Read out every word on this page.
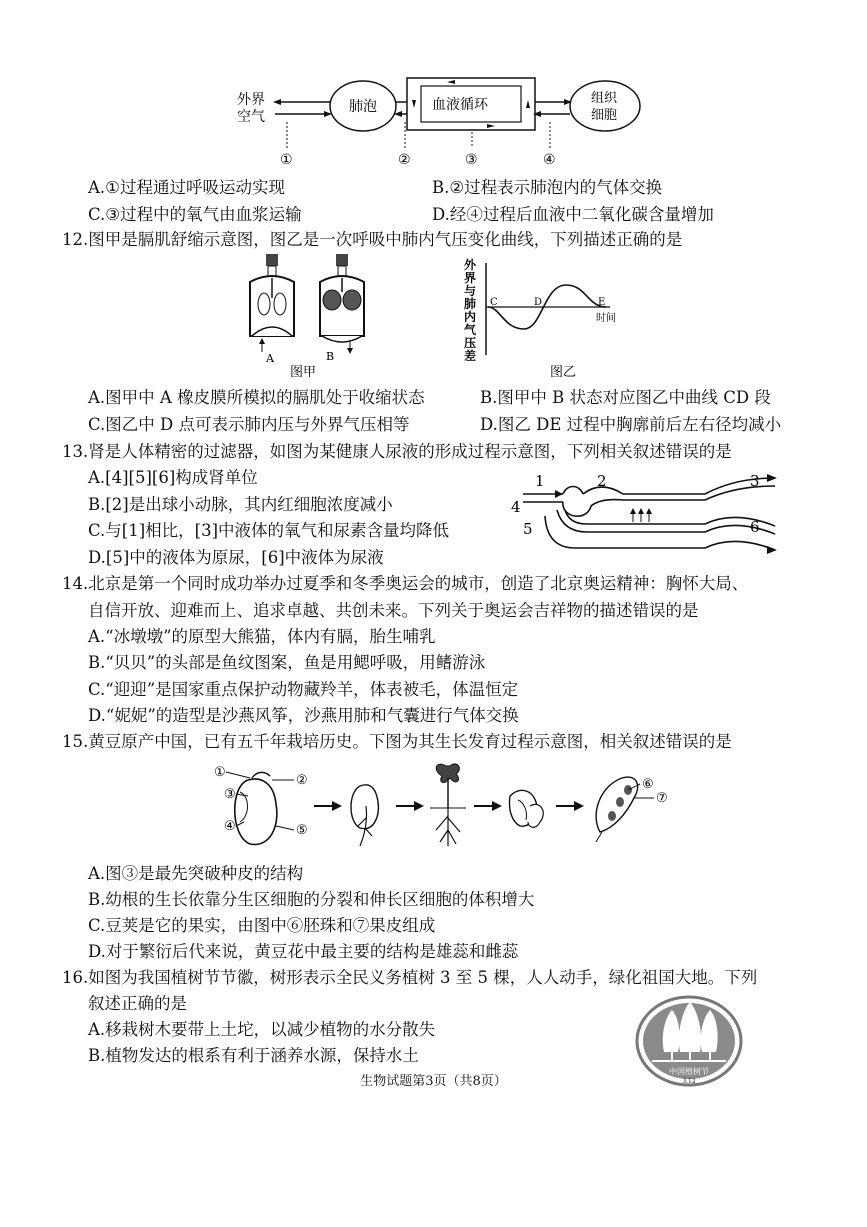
外界
空气
肺泡	血液循环	组织
细胞
①	②	③	④
A.①过程通过呼吸运动实现	B.②过程表示肺泡内的气体交换
C.③过程中的氧气由血浆运输	D.经④过程后血液中二氧化碳含量增加
12.图甲是膈肌舒缩示意图，图乙是一次呼吸中肺内气压变化曲线，下列描述正确的是
A	B
图甲
外
界
与
肺
内
气
压
差
C	D	E
时间
图乙
A.图甲中 A 橡皮膜所模拟的膈肌处于收缩状态	B.图甲中 B 状态对应图乙中曲线 CD 段
C.图乙中 D 点可表示肺内压与外界气压相等	D.图乙 DE 过程中胸廓前后左右径均减小
13.肾是人体精密的过滤器，如图为某健康人尿液的形成过程示意图，下列相关叙述错误的是
A.[4][5][6]构成肾单位
B.[2]是出球小动脉，其内红细胞浓度减小
C.与[1]相比，[3]中液体的氧气和尿素含量均降低
D.[5]中的液体为原尿，[6]中液体为尿液
1	2	3
4
5	6
14.北京是第一个同时成功举办过夏季和冬季奥运会的城市，创造了北京奥运精神：胸怀大局、
自信开放、迎难而上、追求卓越、共创未来。下列关于奥运会吉祥物的描述错误的是
A.“冰墩墩”的原型大熊猫，体内有膈，胎生哺乳
B.“贝贝”的头部是鱼纹图案，鱼是用鳃呼吸，用鳍游泳
C.“迎迎”是国家重点保护动物藏羚羊，体表被毛，体温恒定
D.“妮妮”的造型是沙燕风筝，沙燕用肺和气囊进行气体交换
15.黄豆原产中国，已有五千年栽培历史。下图为其生长发育过程示意图，相关叙述错误的是
①
②
③
④	⑤
⑥
⑦
A.图③是最先突破种皮的结构
B.幼根的生长依靠分生区细胞的分裂和伸长区细胞的体积增大
C.豆荚是它的果实，由图中⑥胚珠和⑦果皮组成
D.对于繁衍后代来说，黄豆花中最主要的结构是雄蕊和雌蕊
16.如图为我国植树节节徽，树形表示全民义务植树 3 至 5 棵，人人动手，绿化祖国大地。下列
叙述正确的是
A.移栽树木要带上土坨，以减少植物的水分散失
B.植物发达的根系有利于涵养水源，保持水土
中国植树节
3.12
生物试题第3页（共8页）
